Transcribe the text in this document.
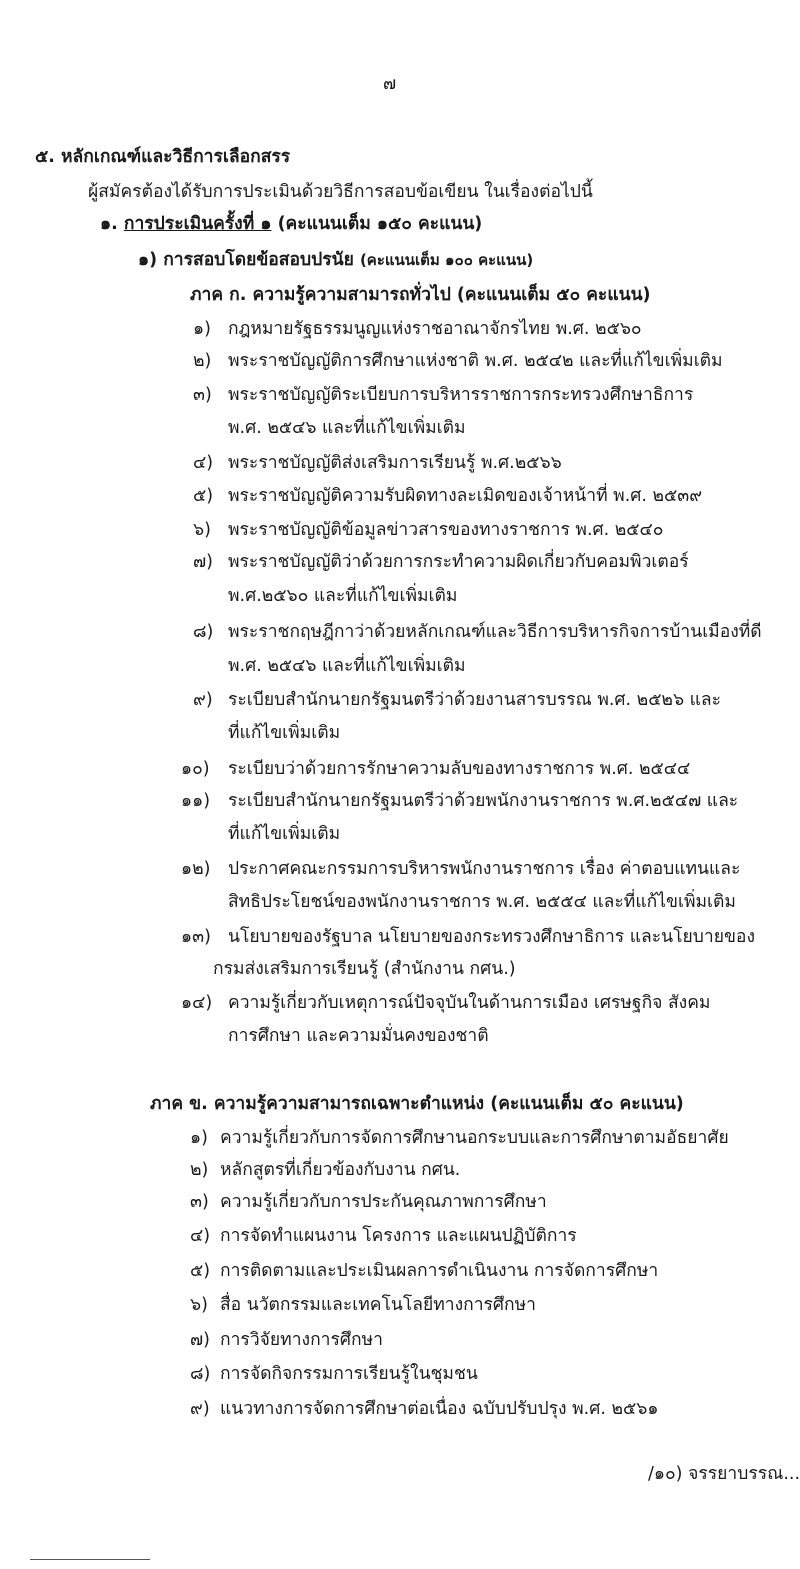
๗
๕. หลักเกณฑ์และวิธีการเลือกสรร
ผู้สมัครต้องได้รับการประเมินด้วยวิธีการสอบข้อเขียน ในเรื่องต่อไปนี้
๑. การประเมินครั้งที่ ๑ (คะแนนเต็ม ๑๕๐ คะแนน)
๑) การสอบโดยข้อสอบปรนัย (คะแนนเต็ม ๑๐๐ คะแนน)
ภาค ก. ความรู้ความสามารถทั่วไป (คะแนนเต็ม ๕๐ คะแนน)
๑) กฎหมายรัฐธรรมนูญแห่งราชอาณาจักรไทย พ.ศ. ๒๕๖๐
๒) พระราชบัญญัติการศึกษาแห่งชาติ พ.ศ. ๒๕๔๒ และที่แก้ไขเพิ่มเติม
๓) พระราชบัญญัติระเบียบการบริหารราชการกระทรวงศึกษาธิการ
พ.ศ. ๒๕๔๖ และที่แก้ไขเพิ่มเติม
๔) พระราชบัญญัติส่งเสริมการเรียนรู้ พ.ศ.๒๕๖๖
๕) พระราชบัญญัติความรับผิดทางละเมิดของเจ้าหน้าที่ พ.ศ. ๒๕๓๙
๖) พระราชบัญญัติข้อมูลข่าวสารของทางราชการ พ.ศ. ๒๕๔๐
๗) พระราชบัญญัติว่าด้วยการกระทำความผิดเกี่ยวกับคอมพิวเตอร์
พ.ศ.๒๕๖๐ และที่แก้ไขเพิ่มเติม
๘) พระราชกฤษฎีกาว่าด้วยหลักเกณฑ์และวิธีการบริหารกิจการบ้านเมืองที่ดี
พ.ศ. ๒๕๔๖ และที่แก้ไขเพิ่มเติม
๙) ระเบียบสำนักนายกรัฐมนตรีว่าด้วยงานสารบรรณ พ.ศ. ๒๕๒๖ และ
ที่แก้ไขเพิ่มเติม
๑๐) ระเบียบว่าด้วยการรักษาความลับของทางราชการ พ.ศ. ๒๕๔๔
๑๑) ระเบียบสำนักนายกรัฐมนตรีว่าด้วยพนักงานราชการ พ.ศ.๒๕๔๗ และ
ที่แก้ไขเพิ่มเติม
๑๒) ประกาศคณะกรรมการบริหารพนักงานราชการ เรื่อง ค่าตอบแทนและ
สิทธิประโยชน์ของพนักงานราชการ พ.ศ. ๒๕๕๔ และที่แก้ไขเพิ่มเติม
๑๓) นโยบายของรัฐบาล นโยบายของกระทรวงศึกษาธิการ และนโยบายของ
กรมส่งเสริมการเรียนรู้ (สำนักงาน กศน.)
๑๔) ความรู้เกี่ยวกับเหตุการณ์ปัจจุบันในด้านการเมือง เศรษฐกิจ สังคม
การศึกษา และความมั่นคงของชาติ
ภาค ข. ความรู้ความสามารถเฉพาะตำแหน่ง (คะแนนเต็ม ๕๐ คะแนน)
๑) ความรู้เกี่ยวกับการจัดการศึกษานอกระบบและการศึกษาตามอัธยาศัย
๒) หลักสูตรที่เกี่ยวข้องกับงาน กศน.
๓) ความรู้เกี่ยวกับการประกันคุณภาพการศึกษา
๔) การจัดทำแผนงาน โครงการ และแผนปฏิบัติการ
๕) การติดตามและประเมินผลการดำเนินงาน การจัดการศึกษา
๖) สื่อ นวัตกรรมและเทคโนโลยีทางการศึกษา
๗) การวิจัยทางการศึกษา
๘) การจัดกิจกรรมการเรียนรู้ในชุมชน
๙) แนวทางการจัดการศึกษาต่อเนื่อง ฉบับปรับปรุง พ.ศ. ๒๕๖๑
/๑๐) จรรยาบรรณ...
